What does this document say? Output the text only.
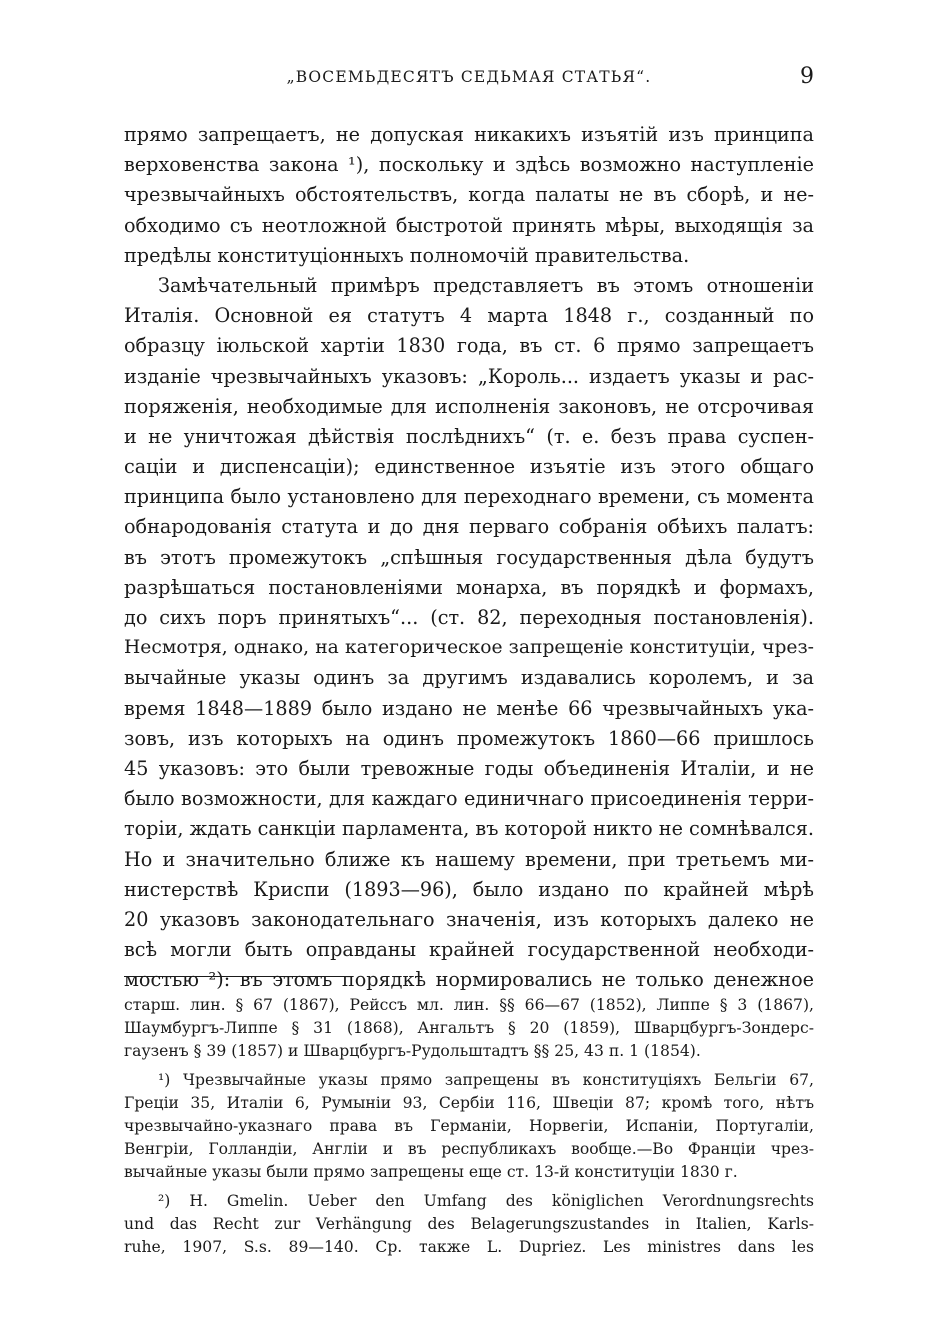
„ВОСЕМЬДЕСЯТЪ СЕДЬМАЯ СТАТЬЯ“.	9
прямо запрещаетъ, не допуская никакихъ изъятій изъ принципа
верховенства закона ¹), поскольку и здѣсь возможно наступленіе
чрезвычайныхъ обстоятельствъ, когда палаты не въ сборѣ, и не-
обходимо съ неотложной быстротой принять мѣры, выходящія за
предѣлы конституціонныхъ полномочій правительства.
Замѣчательный примѣръ представляетъ въ этомъ отношеніи
Италія. Основной ея статутъ 4 марта 1848 г., созданный по
образцу іюльской хартіи 1830 года, въ ст. 6 прямо запрещаетъ
изданіе чрезвычайныхъ указовъ: „Король... издаетъ указы и рас-
поряженія, необходимые для исполненія законовъ, не отсрочивая
и не уничтожая дѣйствія послѣднихъ“ (т. е. безъ права суспен-
саціи и диспенсаціи); единственное изъятіе изъ этого общаго
принципа было установлено для переходнаго времени, съ момента
обнародованія статута и до дня перваго собранія обѣихъ палатъ:
въ этотъ промежутокъ „спѣшныя государственныя дѣла будутъ
разрѣшаться постановленіями монарха, въ порядкѣ и формахъ,
до сихъ поръ принятыхъ“... (ст. 82, переходныя постановленія).
Несмотря, однако, на категорическое запрещеніе конституціи, чрез-
вычайные указы одинъ за другимъ издавались королемъ, и за
время 1848—1889 было издано не менѣе 66 чрезвычайныхъ ука-
зовъ, изъ которыхъ на одинъ промежутокъ 1860—66 пришлось
45 указовъ: это были тревожные годы объединенія Италіи, и не
было возможности, для каждаго единичнаго присоединенія терри-
торіи, ждать санкціи парламента, въ которой никто не сомнѣвался.
Но и значительно ближе къ нашему времени, при третьемъ ми-
нистерствѣ Криспи (1893—96), было издано по крайней мѣрѣ
20 указовъ законодательнаго значенія, изъ которыхъ далеко не
всѣ могли быть оправданы крайней государственной необходи-
мостью ²): въ этомъ порядкѣ нормировались не только денежное
старш. лин. § 67 (1867), Рейссъ мл. лин. §§ 66—67 (1852), Липпе § 3 (1867),
Шаумбургъ-Липпе § 31 (1868), Ангальтъ § 20 (1859), Шварцбургъ-Зондерс-
гаузенъ § 39 (1857) и Шварцбургъ-Рудольштадтъ §§ 25, 43 п. 1 (1854).
¹) Чрезвычайные указы прямо запрещены въ конституціяхъ Бельгіи 67,
Греціи 35, Италіи 6, Румыніи 93, Сербіи 116, Швеціи 87; кромѣ того, нѣтъ
чрезвычайно-указнаго права въ Германіи, Норвегіи, Испаніи, Португаліи,
Венгріи, Голландіи, Англіи и въ республикахъ вообще.—Во Франціи чрез-
вычайные указы были прямо запрещены еще ст. 13-й конституціи 1830 г.
²) H. Gmelin. Ueber den Umfang des königlichen Verordnungsrechts
und das Recht zur Verhängung des Belagerungszustandes in Italien, Karls-
ruhe, 1907, S.s. 89—140. Ср. также L. Dupriez. Les ministres dans les
